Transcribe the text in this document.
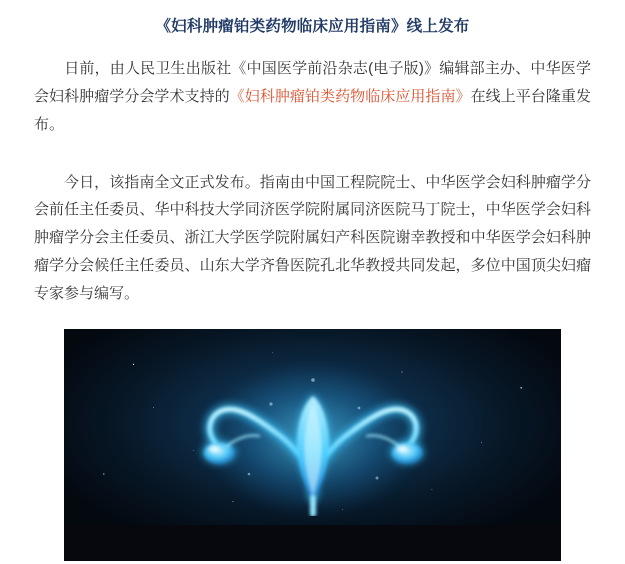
《妇科肿瘤铂类药物临床应用指南》线上发布

日前，由人民卫生出版社《中国医学前沿杂志(电子版)》编辑部主办、中华医学会妇科肿瘤学分会学术支持的《妇科肿瘤铂类药物临床应用指南》在线上平台隆重发布。

今日，该指南全文正式发布。指南由中国工程院院士、中华医学会妇科肿瘤学分会前任主任委员、华中科技大学同济医学院附属同济医院马丁院士，中华医学会妇科肿瘤学分会主任委员、浙江大学医学院附属妇产科医院谢幸教授和中华医学会妇科肿瘤学分会候任主任委员、山东大学齐鲁医院孔北华教授共同发起，多位中国顶尖妇瘤专家参与编写。
